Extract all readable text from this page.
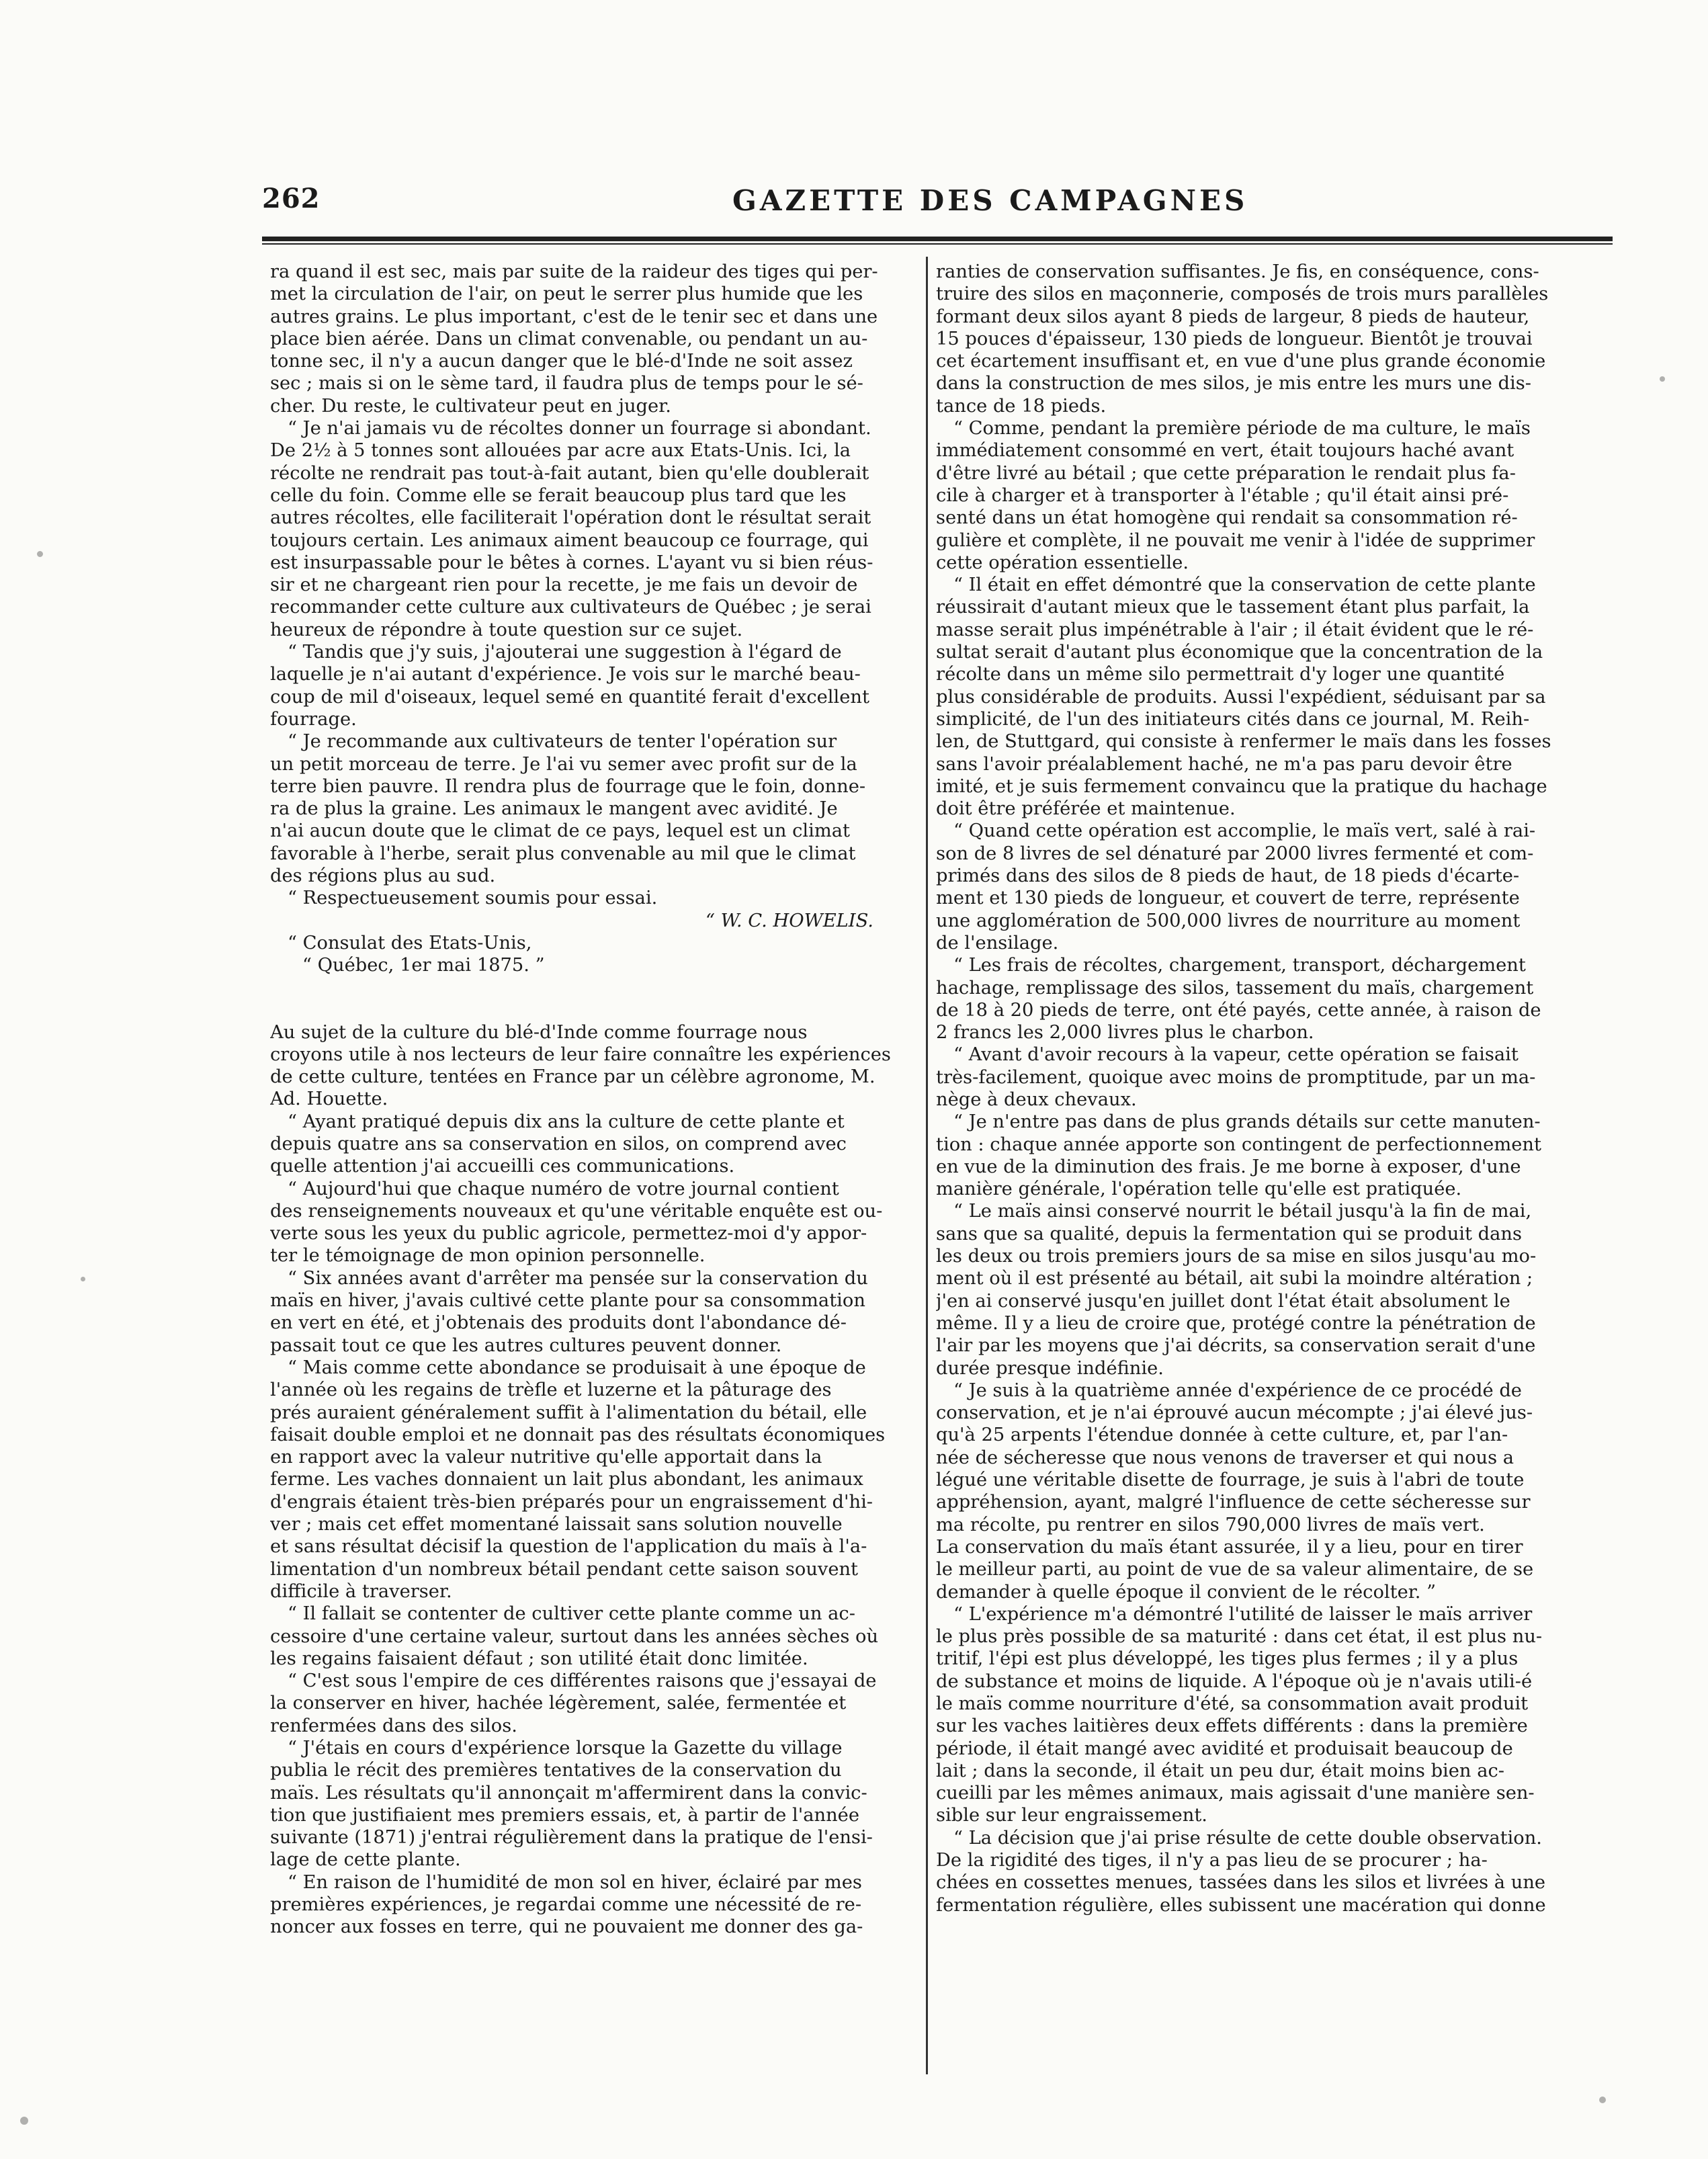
262	GAZETTE DES CAMPAGNES

ra quand il est sec, mais par suite de la raideur des tiges qui per-

met la circulation de l'air, on peut le serrer plus humide que les

autres grains. Le plus important, c'est de le tenir sec et dans une

place bien aérée. Dans un climat convenable, ou pendant un au-

tonne sec, il n'y a aucun danger que le blé-d'Inde ne soit assez

sec ; mais si on le sème tard, il faudra plus de temps pour le sé-

cher. Du reste, le cultivateur peut en juger.

“ Je n'ai jamais vu de récoltes donner un fourrage si abondant.

De 2½ à 5 tonnes sont allouées par acre aux Etats-Unis. Ici, la

récolte ne rendrait pas tout-à-fait autant, bien qu'elle doublerait

celle du foin. Comme elle se ferait beaucoup plus tard que les

autres récoltes, elle faciliterait l'opération dont le résultat serait

toujours certain. Les animaux aiment beaucoup ce fourrage, qui

est insurpassable pour le bêtes à cornes. L'ayant vu si bien réus-

sir et ne chargeant rien pour la recette, je me fais un devoir de

recommander cette culture aux cultivateurs de Québec ; je serai

heureux de répondre à toute question sur ce sujet.

“ Tandis que j'y suis, j'ajouterai une suggestion à l'égard de

laquelle je n'ai autant d'expérience. Je vois sur le marché beau-

coup de mil d'oiseaux, lequel semé en quantité ferait d'excellent

fourrage.

“ Je recommande aux cultivateurs de tenter l'opération sur

un petit morceau de terre. Je l'ai vu semer avec profit sur de la

terre bien pauvre. Il rendra plus de fourrage que le foin, donne-

ra de plus la graine. Les animaux le mangent avec avidité. Je

n'ai aucun doute que le climat de ce pays, lequel est un climat

favorable à l'herbe, serait plus convenable au mil que le climat

des régions plus au sud.

“ Respectueusement soumis pour essai.

“ W. C. HOWELIS.

“ Consulat des Etats-Unis,

“ Québec, 1er mai 1875. ”

Au sujet de la culture du blé-d'Inde comme fourrage nous

croyons utile à nos lecteurs de leur faire connaître les expériences

de cette culture, tentées en France par un célèbre agronome, M.

Ad. Houette.

“ Ayant pratiqué depuis dix ans la culture de cette plante et

depuis quatre ans sa conservation en silos, on comprend avec

quelle attention j'ai accueilli ces communications.

“ Aujourd'hui que chaque numéro de votre journal contient

des renseignements nouveaux et qu'une véritable enquête est ou-

verte sous les yeux du public agricole, permettez-moi d'y appor-

ter le témoignage de mon opinion personnelle.

“ Six années avant d'arrêter ma pensée sur la conservation du

maïs en hiver, j'avais cultivé cette plante pour sa consommation

en vert en été, et j'obtenais des produits dont l'abondance dé-

passait tout ce que les autres cultures peuvent donner.

“ Mais comme cette abondance se produisait à une époque de

l'année où les regains de trèfle et luzerne et la pâturage des

prés auraient généralement suffit à l'alimentation du bétail, elle

faisait double emploi et ne donnait pas des résultats économiques

en rapport avec la valeur nutritive qu'elle apportait dans la

ferme. Les vaches donnaient un lait plus abondant, les animaux

d'engrais étaient très-bien préparés pour un engraissement d'hi-

ver ; mais cet effet momentané laissait sans solution nouvelle

et sans résultat décisif la question de l'application du maïs à l'a-

limentation d'un nombreux bétail pendant cette saison souvent

difficile à traverser.

“ Il fallait se contenter de cultiver cette plante comme un ac-

cessoire d'une certaine valeur, surtout dans les années sèches où

les regains faisaient défaut ; son utilité était donc limitée.

“ C'est sous l'empire de ces différentes raisons que j'essayai de

la conserver en hiver, hachée légèrement, salée, fermentée et

renfermées dans des silos.

“ J'étais en cours d'expérience lorsque la Gazette du village

publia le récit des premières tentatives de la conservation du

maïs. Les résultats qu'il annonçait m'affermirent dans la convic-

tion que justifiaient mes premiers essais, et, à partir de l'année

suivante (1871) j'entrai régulièrement dans la pratique de l'ensi-

lage de cette plante.

“ En raison de l'humidité de mon sol en hiver, éclairé par mes

premières expériences, je regardai comme une nécessité de re-

noncer aux fosses en terre, qui ne pouvaient me donner des ga-

ranties de conservation suffisantes. Je fis, en conséquence, cons-

truire des silos en maçonnerie, composés de trois murs parallèles

formant deux silos ayant 8 pieds de largeur, 8 pieds de hauteur,

15 pouces d'épaisseur, 130 pieds de longueur. Bientôt je trouvai

cet écartement insuffisant et, en vue d'une plus grande économie

dans la construction de mes silos, je mis entre les murs une dis-

tance de 18 pieds.

“ Comme, pendant la première période de ma culture, le maïs

immédiatement consommé en vert, était toujours haché avant

d'être livré au bétail ; que cette préparation le rendait plus fa-

cile à charger et à transporter à l'étable ; qu'il était ainsi pré-

senté dans un état homogène qui rendait sa consommation ré-

gulière et complète, il ne pouvait me venir à l'idée de supprimer

cette opération essentielle.

“ Il était en effet démontré que la conservation de cette plante

réussirait d'autant mieux que le tassement étant plus parfait, la

masse serait plus impénétrable à l'air ; il était évident que le ré-

sultat serait d'autant plus économique que la concentration de la

récolte dans un même silo permettrait d'y loger une quantité

plus considérable de produits. Aussi l'expédient, séduisant par sa

simplicité, de l'un des initiateurs cités dans ce journal, M. Reih-

len, de Stuttgard, qui consiste à renfermer le maïs dans les fosses

sans l'avoir préalablement haché, ne m'a pas paru devoir être

imité, et je suis fermement convaincu que la pratique du hachage

doit être préférée et maintenue.

“ Quand cette opération est accomplie, le maïs vert, salé à rai-

son de 8 livres de sel dénaturé par 2000 livres fermenté et com-

primés dans des silos de 8 pieds de haut, de 18 pieds d'écarte-

ment et 130 pieds de longueur, et couvert de terre, représente

une agglomération de 500,000 livres de nourriture au moment

de l'ensilage.

“ Les frais de récoltes, chargement, transport, déchargement

hachage, remplissage des silos, tassement du maïs, chargement

de 18 à 20 pieds de terre, ont été payés, cette année, à raison de

2 francs les 2,000 livres plus le charbon.

“ Avant d'avoir recours à la vapeur, cette opération se faisait

très-facilement, quoique avec moins de promptitude, par un ma-

nège à deux chevaux.

“ Je n'entre pas dans de plus grands détails sur cette manuten-

tion : chaque année apporte son contingent de perfectionnement

en vue de la diminution des frais. Je me borne à exposer, d'une

manière générale, l'opération telle qu'elle est pratiquée.

“ Le maïs ainsi conservé nourrit le bétail jusqu'à la fin de mai,

sans que sa qualité, depuis la fermentation qui se produit dans

les deux ou trois premiers jours de sa mise en silos jusqu'au mo-

ment où il est présenté au bétail, ait subi la moindre altération ;

j'en ai conservé jusqu'en juillet dont l'état était absolument le

même. Il y a lieu de croire que, protégé contre la pénétration de

l'air par les moyens que j'ai décrits, sa conservation serait d'une

durée presque indéfinie.

“ Je suis à la quatrième année d'expérience de ce procédé de

conservation, et je n'ai éprouvé aucun mécompte ; j'ai élevé jus-

qu'à 25 arpents l'étendue donnée à cette culture, et, par l'an-

née de sécheresse que nous venons de traverser et qui nous a

légué une véritable disette de fourrage, je suis à l'abri de toute

appréhension, ayant, malgré l'influence de cette sécheresse sur

ma récolte, pu rentrer en silos 790,000 livres de maïs vert.

La conservation du maïs étant assurée, il y a lieu, pour en tirer

le meilleur parti, au point de vue de sa valeur alimentaire, de se

demander à quelle époque il convient de le récolter. ”

“ L'expérience m'a démontré l'utilité de laisser le maïs arriver

le plus près possible de sa maturité : dans cet état, il est plus nu-

tritif, l'épi est plus développé, les tiges plus fermes ; il y a plus

de substance et moins de liquide. A l'époque où je n'avais utili-é

le maïs comme nourriture d'été, sa consommation avait produit

sur les vaches laitières deux effets différents : dans la première

période, il était mangé avec avidité et produisait beaucoup de

lait ; dans la seconde, il était un peu dur, était moins bien ac-

cueilli par les mêmes animaux, mais agissait d'une manière sen-

sible sur leur engraissement.

“ La décision que j'ai prise résulte de cette double observation.

De la rigidité des tiges, il n'y a pas lieu de se procurer ; ha-

chées en cossettes menues, tassées dans les silos et livrées à une

fermentation régulière, elles subissent une macération qui donne
